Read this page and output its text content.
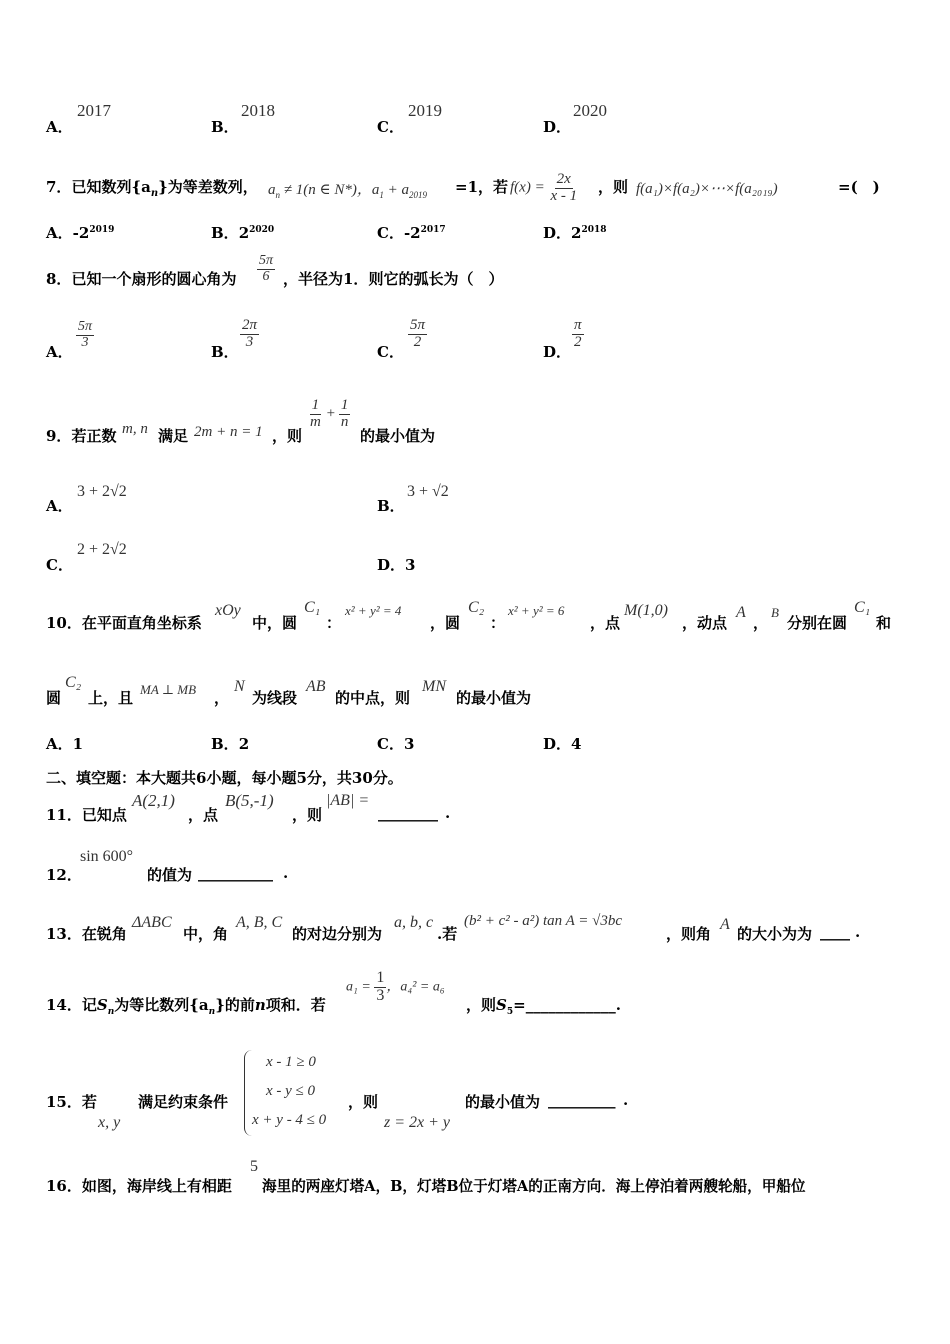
A．
2017
B．
2018
C．
2019
D．
2020
7．已知数列$\{a_n\}$为等差数列， $a_n \ne 1(n$ ∈ N*)，$a_1 + a_{2019} =1$，若 $f(x) = \frac{2x}{x - 1}$ ，则 f(a₁)×f(a₂)×⋯×f(a₂₀₁₉)	=(　)
A．$-2^{2019}$	B．$2^{2020}$	C．$-2^{2017}$	D．$2^{2018}$
8．已知一个扇形的圆心角为 $\frac{5\pi}{6}$ ，半径为1．则它的弧长为（　）
A．
$\frac{5\pi}{3}$
B．
$\frac{2\pi}{3}$
C．
$\frac{5\pi}{2}$
D．
$\frac{\pi}{2}$
9．若正数 m, n 满足 2m + n = 1 ，则
$\frac{1}{m} + \frac{1}{n}$
的最小值为
A．
3 + 2√2
B．
3 + √2
C．
2 + 2√2
D．3
10．在平面直角坐标系
xOy
中，圆
C₁
：
x² + y² = 4
，圆
C₂
：
x² + y² = 6
，点
M(1,0)
，动点
A
，
B
分别在圆
C₁
和
圆
C₂
上，且 MA ⊥ MB ，
N
为线段
AB
的中点，则
MN
的最小值为
A．1	B．2	C．3	D．4
二、填空题：本大题共6小题，每小题5分，共30分。
11．已知点
A(2,1)
，点
B(5,-1)
，则
|AB| =
________ .
12．
sin 600°
的值为 __________ .
13．在锐角
ΔABC
中，角
A, B, C
的对边分别为
a, b, c
.若
(b² + c² - a²) tan A = √3bc
，则角
A
的大小为为 ____ .
14．记$S_n$为等比数列$\{a_n\}$的前n项和．若
$a_1 = \frac{1}{3}$ ，a₄² = a₆
，则$S_5=\_\_\_\_\_\_\_\_\_\_\_\_$.
15．若
x, y
满足约束条件
x - 1 ≥ 0
x - y ≤ 0
x + y - 4 ≤ 0
，则
z = 2x + y
的最小值为 _________ .
16．如图，海岸线上有相距
5
海里的两座灯塔A，B，灯塔B位于灯塔A的正南方向．海上停泊着两艘轮船，甲船位
